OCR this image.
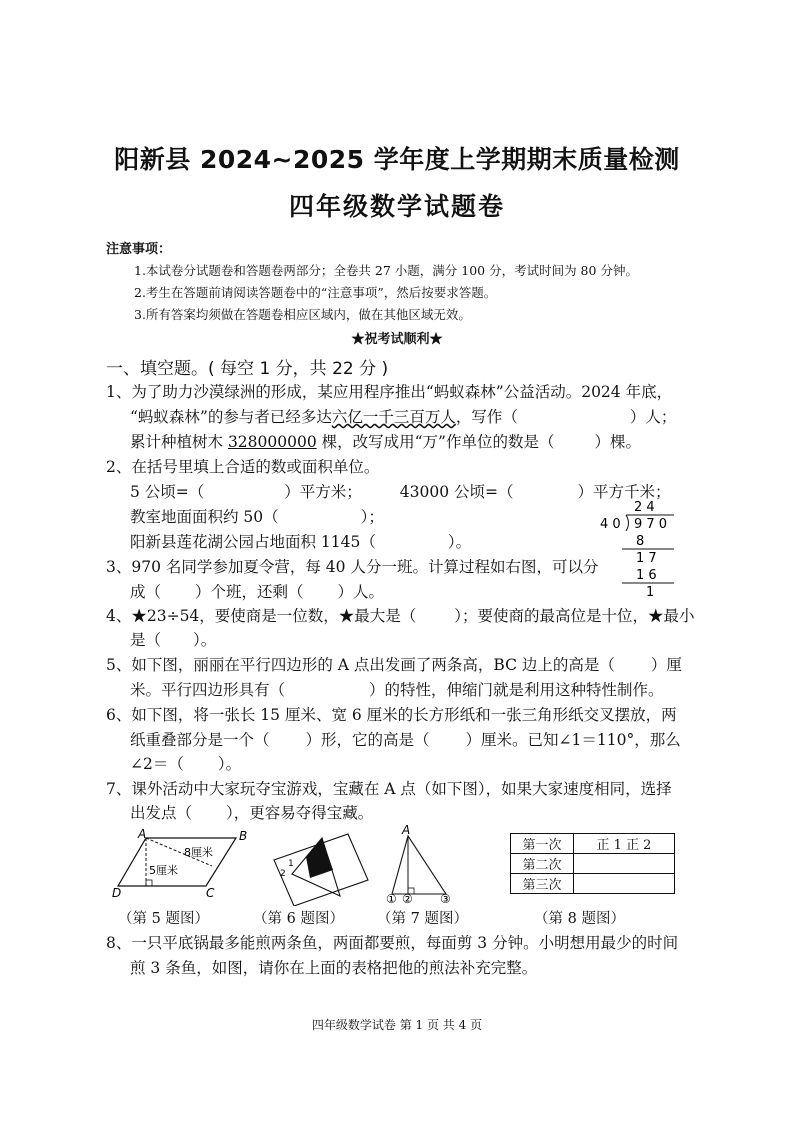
阳新县 2024~2025 学年度上学期期末质量检测
四年级数学试题卷
注意事项：
1.本试卷分试题卷和答题卷两部分；全卷共 27 小题，满分 100 分，考试时间为 80 分钟。
2.考生在答题前请阅读答题卷中的“注意事项”，然后按要求答题。
3.所有答案均须做在答题卷相应区域内，做在其他区域无效。
★祝考试顺利★
一、填空题。( 每空 1 分，共 22 分 )
1、为了助力沙漠绿洲的形成，某应用程序推出“蚂蚁森林”公益活动。2024 年底，
“蚂蚁森林”的参与者已经多达六亿一千三百万人，写作（	）人；
累计种植树木 328000000 棵，改写成用“万”作单位的数是（	）棵。
2、在括号里填上合适的数或面积单位。
5 公顷=（	）平方米； 43000 公顷=（	）平方千米；
教室地面面积约 50（	）；
阳新县莲花湖公园占地面积 1145（	）。
2 4
4 0 9 7 0
8
1 7
1 6
1
3、970 名同学参加夏令营，每 40 人分一班。计算过程如右图，可以分
成（ ）个班，还剩（ ）人。
4、★23÷54，要使商是一位数，★最大是（ ）；要使商的最高位是十位，★最小
是（ ）。
5、如下图，丽丽在平行四边形的 A 点出发画了两条高，BC 边上的高是（ ）厘
米。平行四边形具有（	）的特性，伸缩门就是利用这种特性制作。
6、如下图，将一张长 15 厘米、宽 6 厘米的长方形纸和一张三角形纸交叉摆放，两
纸重叠部分是一个（ ）形，它的高是（ ）厘米。已知∠1＝110°，那么
∠2＝（ ）。
7、课外活动中大家玩夺宝游戏，宝藏在 A 点（如下图），如果大家速度相同，选择
出发点（ ），更容易夺得宝藏。
A	B
C
D
5厘米
8厘米
1
2
A
① ② ③
第一次	正 1 正 2
第二次	
第三次	
（第 5 题图）	（第 6 题图） （第 7 题图）	（第 8 题图）
8、一只平底锅最多能煎两条鱼，两面都要煎，每面剪 3 分钟。小明想用最少的时间
煎 3 条鱼，如图，请你在上面的表格把他的煎法补充完整。
四年级数学试卷 第 1 页 共 4 页
